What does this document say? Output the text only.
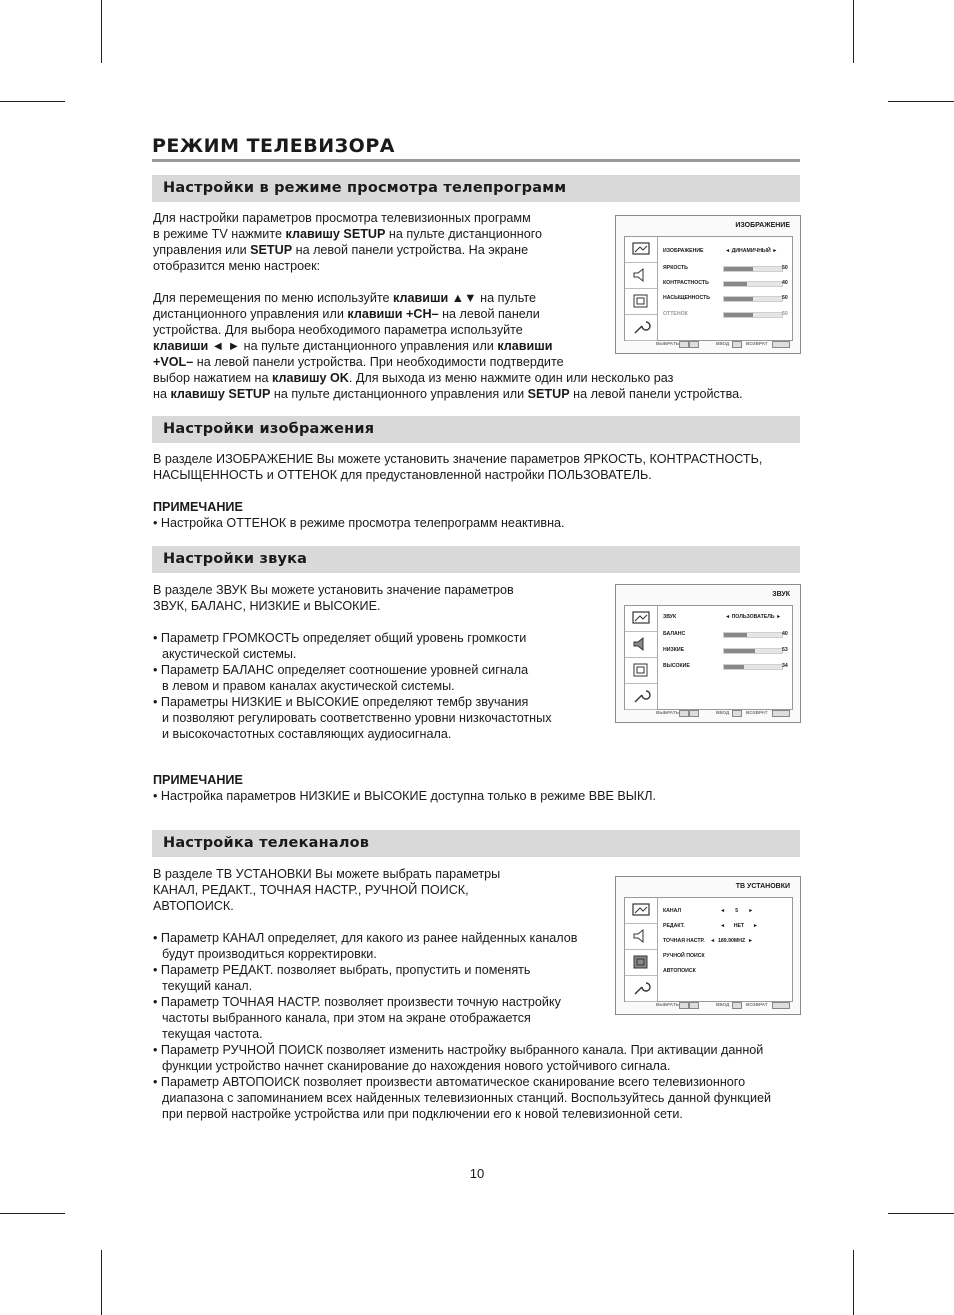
РЕЖИМ ТЕЛЕВИЗОРА
Настройки в режиме просмотра телепрограмм

Для настройки параметров просмотра телевизионных программ

в режиме TV нажмите клавишу SETUP на пульте дистанционного

управления или SETUP на левой панели устройства. На экране

отобразится меню настроек:

Для перемещения по меню используйте клавиши ▲▼ на пульте

дистанционного управления или клавиши +CH– на левой панели

устройства. Для выбора необходимого параметра используйте

клавиши ◄ ► на пульте дистанционного управления или клавиши

+VOL– на левой панели устройства. При необходимости подтвердите

выбор нажатием на клавишу OK. Для выхода из меню нажмите один или несколько раз

на клавишу SETUP на пульте дистанционного управления или SETUP на левой панели устройства.

ИЗОБРАЖЕНИЕ
ИЗОБРАЖЕНИЕ	◄ ДИНАМИЧНЫЙ ►
ЯРКОСТЬ	50
КОНТРАСТНОСТЬ	40
НАСЫЩЕННОСТЬ	50
ОТТЕНОК	50
ВЫБРАТЬ	ВВОД	ВОЗВРАТ
Настройки изображения

В разделе ИЗОБРАЖЕНИЕ Вы можете установить значение параметров ЯРКОСТЬ, КОНТРАСТНОСТЬ,

НАСЫЩЕННОСТЬ и ОТТЕНОК для предустановленной настройки ПОЛЬЗОВАТЕЛЬ.

ПРИМЕЧАНИЕ

• Настройка ОТТЕНОК в режиме просмотра телепрограмм неактивна.

Настройки звука

В разделе ЗВУК Вы можете установить значение параметров

ЗВУК, БАЛАНС, НИЗКИЕ и ВЫСОКИЕ.

• Параметр ГРОМКОСТЬ определяет общий уровень громкости
акустической системы.

• Параметр БАЛАНС определяет соотношение уровней сигнала
в левом и правом каналах акустической системы.

• Параметры НИЗКИЕ и ВЫСОКИЕ определяют тембр звучания
и позволяют регулировать соответственно уровни низкочастотных
и высокочастотных составляющих аудиосигнала.

ПРИМЕЧАНИЕ

• Настройка параметров НИЗКИЕ и ВЫСОКИЕ доступна только в режиме BBE ВЫКЛ.

ЗВУК
ЗВУК	◄ ПОЛЬЗОВАТЕЛЬ ►
БАЛАНС	40
НИЗКИЕ	53
ВЫСОКИЕ	34
ВЫБРАТЬ	ВВОД	ВОЗВРАТ
Настройка телеканалов

В разделе ТВ УСТАНОВКИ Вы можете выбрать параметры

КАНАЛ, РЕДАКТ., ТОЧНАЯ НАСТР., РУЧНОЙ ПОИСК,

АВТОПОИСК.

• Параметр КАНАЛ определяет, для какого из ранее найденных каналов
будут производиться корректировки.

• Параметр РЕДАКТ. позволяет выбрать, пропустить и поменять
текущий канал.

• Параметр ТОЧНАЯ НАСТР. позволяет произвести точную настройку
частоты выбранного канала, при этом на экране отображается
текущая частота.

• Параметр РУЧНОЙ ПОИСК позволяет изменить настройку выбранного канала. При активации данной
функции устройство начнет сканирование до нахождения нового устойчивого сигнала.

• Параметр АВТОПОИСК позволяет произвести автоматическое сканирование всего телевизионного
диапазона с запоминанием всех найденных телевизионных станций. Воспользуйтесь данной функцией
при первой настройке устройства или при подключении его к новой телевизионной сети.

ТВ УСТАНОВКИ
КАНАЛ	◄       5       ►
РЕДАКТ.	◄      НЕТ      ►
ТОЧНАЯ НАСТР. ◄  189.90MHZ  ►
РУЧНОЙ ПОИСК
АВТОПОИСК
ВЫБРАТЬ	ВВОД	ВОЗВРАТ
10
